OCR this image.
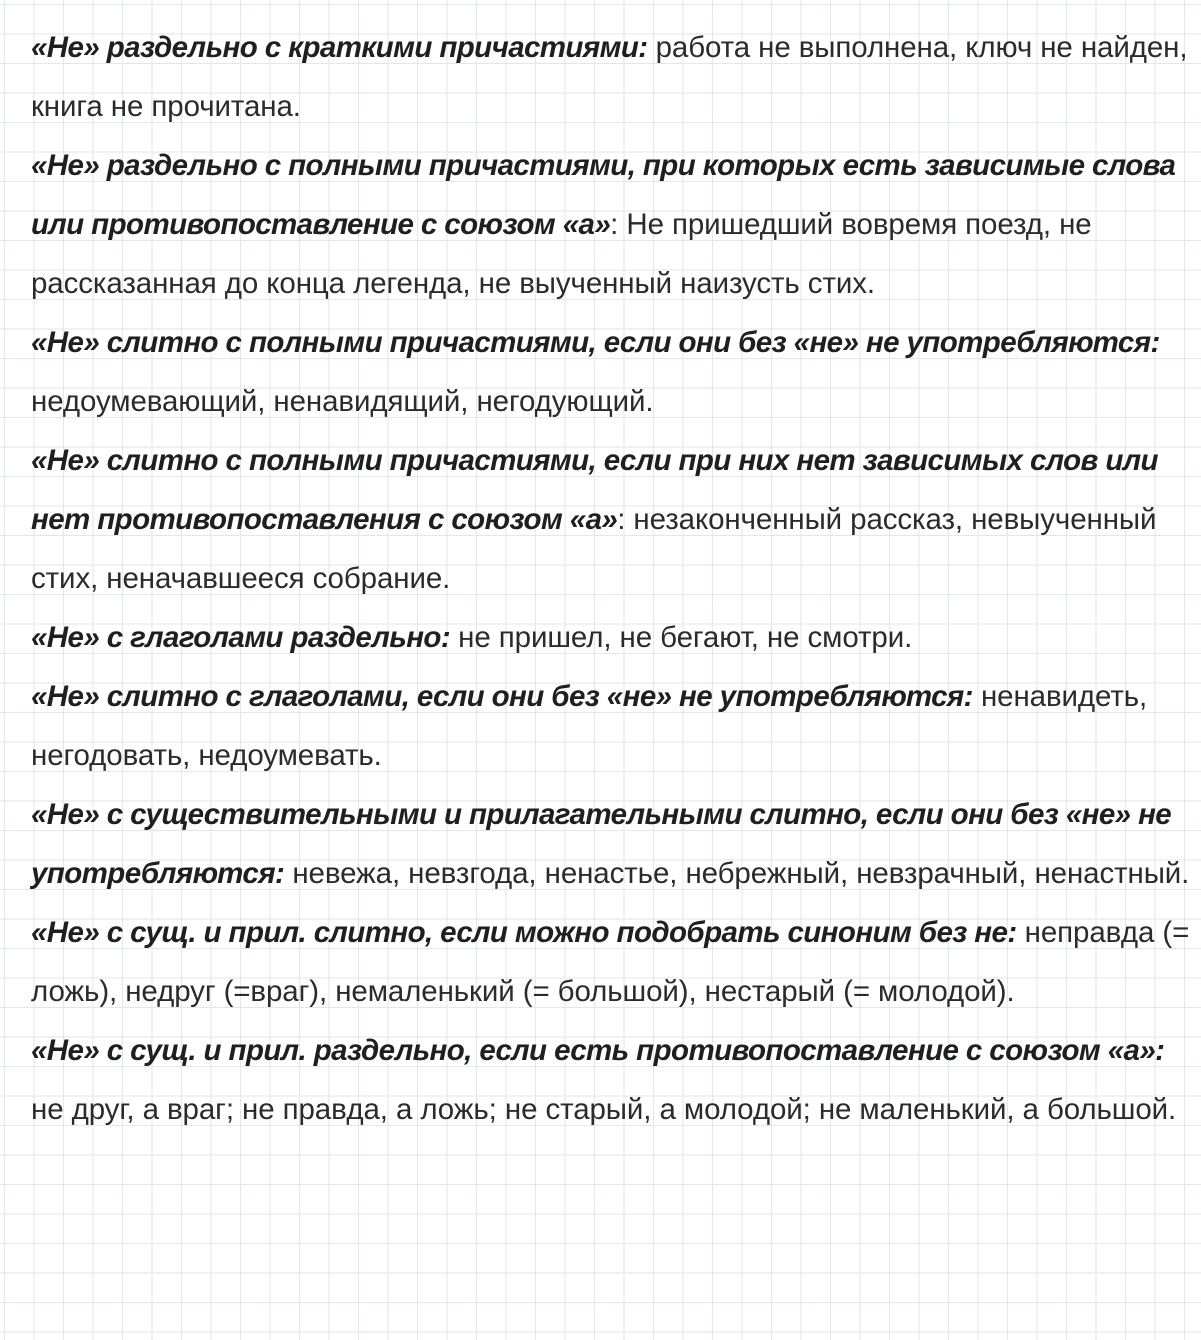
«Не» раздельно с краткими причастиями: работа не выполнена, ключ не найден, книга не прочитана.

«Не» раздельно с полными причастиями, при которых есть зависимые слова или противопоставление с союзом «а»: Не пришедший вовремя поезд, не рассказанная до конца легенда, не выученный наизусть стих.

«Не» слитно с полными причастиями, если они без «не» не употребляются: недоумевающий, ненавидящий, негодующий.

«Не» слитно с полными причастиями, если при них нет зависимых слов или нет противопоставления с союзом «а»: незаконченный рассказ, невыученный стих, неначавшееся собрание.

«Не» с глаголами раздельно: не пришел, не бегают, не смотри.

«Не» слитно с глаголами, если они без «не» не употребляются: ненавидеть, негодовать, недоумевать.

«Не» с существительными и прилагательными слитно, если они без «не» не употребляются: невежа, невзгода, ненастье, небрежный, невзрачный, ненастный.

«Не» с сущ. и прил. слитно, если можно подобрать синоним без не: неправда (= ложь), недруг (=враг), немаленький (= большой), нестарый (= молодой).

«Не» с сущ. и прил. раздельно, если есть противопоставление с союзом «а»: не друг, а враг; не правда, а ложь; не старый, а молодой; не маленький, а большой.
